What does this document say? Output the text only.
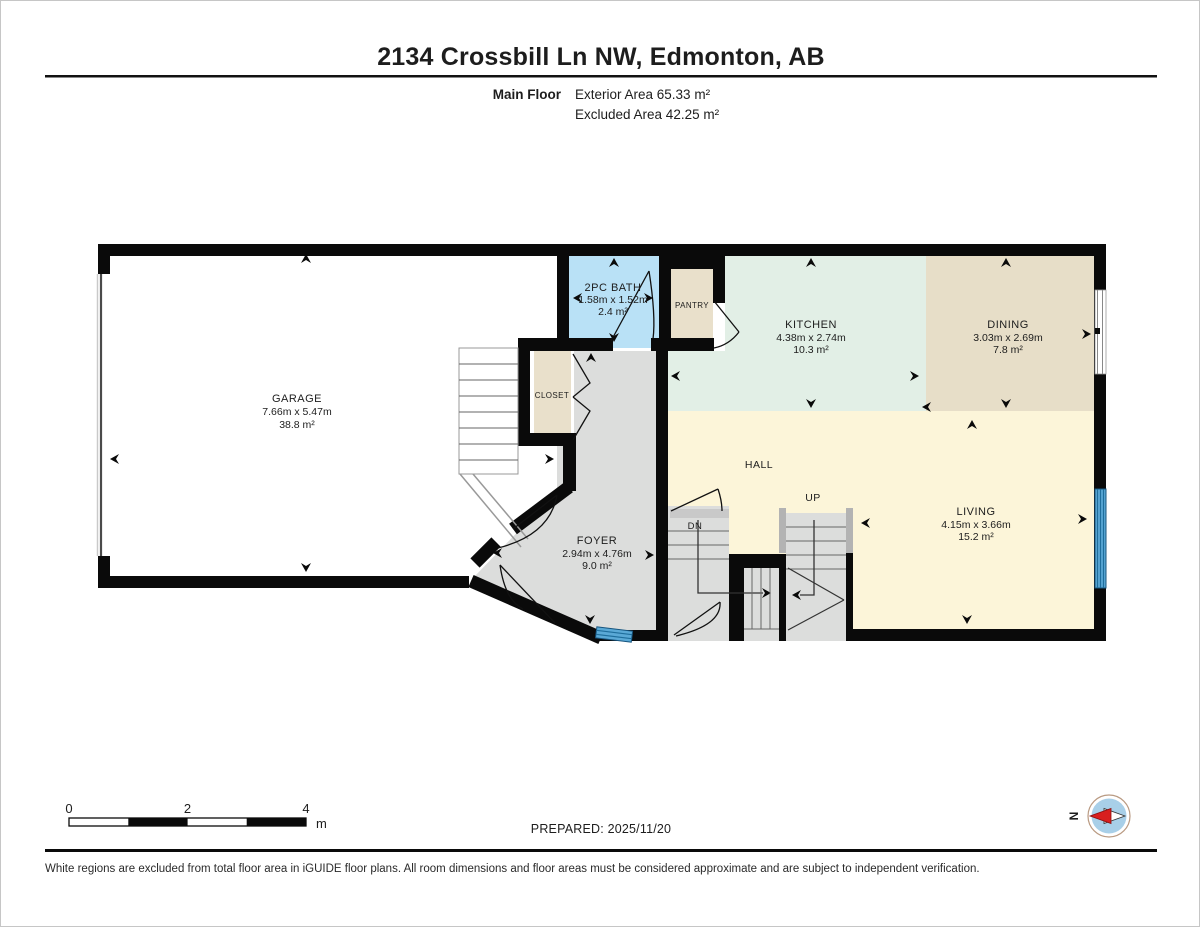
2134 Crossbill Ln NW, Edmonton, AB
Main Floor Exterior Area 65.33 m²
Excluded Area 42.25 m²
GARAGE
7.66m x 5.47m
38.8 m²
2PC BATH
1.58m x 1.52m
2.4 m²
PANTRY
CLOSET
KITCHEN
4.38m x 2.74m
10.3 m²
DINING
3.03m x 2.69m
7.8 m²
HALL
UP
DN
LIVING
4.15m x 3.66m
15.2 m²
FOYER
2.94m x 4.76m
9.0 m²
0	2	4
m	PREPARED: 2025/11/20
N
White regions are excluded from total floor area in iGUIDE floor plans. All room dimensions and floor areas must be considered approximate and are subject to independent verification.
